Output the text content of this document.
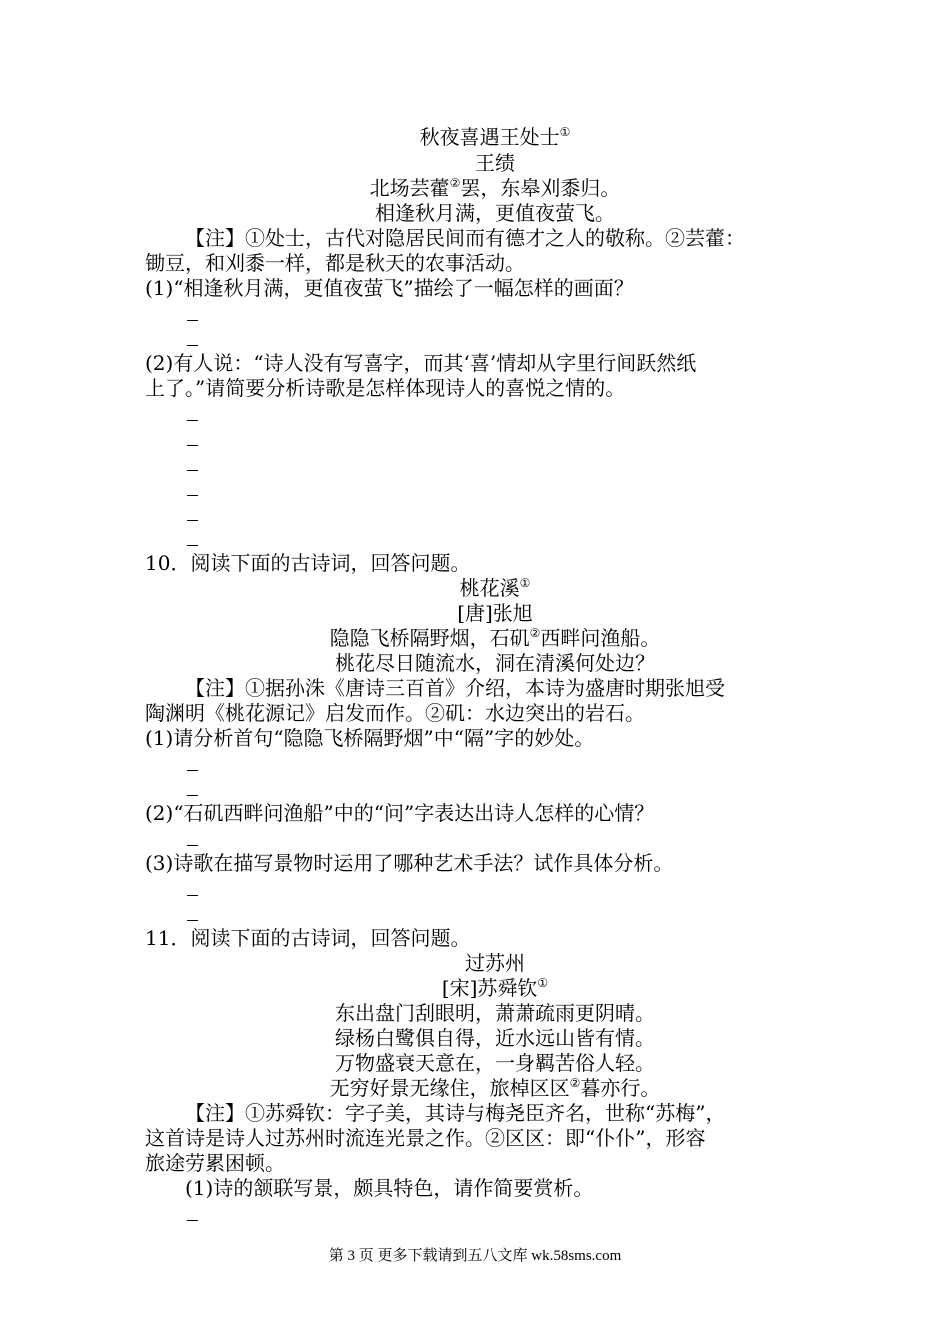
秋夜喜遇王处士①

王绩

北场芸藿②罢，东皋刈黍归。

相逢秋月满，更值夜萤飞。

【注】①处士，古代对隐居民间而有德才之人的敬称。②芸藿：

锄豆，和刈黍一样，都是秋天的农事活动。

(1)“相逢秋月满，更值夜萤飞”描绘了一幅怎样的画面？

(2)有人说：“诗人没有写喜字，而其‘喜’情却从字里行间跃然纸

上了。”请简要分析诗歌是怎样体现诗人的喜悦之情的。

10．阅读下面的古诗词，回答问题。

桃花溪①

[唐]张旭

隐隐飞桥隔野烟，石矶②西畔问渔船。

桃花尽日随流水，洞在清溪何处边？

【注】①据孙洙《唐诗三百首》介绍，本诗为盛唐时期张旭受

陶渊明《桃花源记》启发而作。②矶：水边突出的岩石。

(1)请分析首句“隐隐飞桥隔野烟”中“隔”字的妙处。

(2)“石矶西畔问渔船”中的“问”字表达出诗人怎样的心情？

(3)诗歌在描写景物时运用了哪种艺术手法？试作具体分析。

11．阅读下面的古诗词，回答问题。

过苏州

[宋]苏舜钦①

东出盘门刮眼明，萧萧疏雨更阴晴。

绿杨白鹭俱自得，近水远山皆有情。

万物盛衰天意在，一身羁苦俗人轻。

无穷好景无缘住，旅棹区区②暮亦行。

【注】①苏舜钦：字子美，其诗与梅尧臣齐名，世称“苏梅”，

这首诗是诗人过苏州时流连光景之作。②区区：即“仆仆”，形容

旅途劳累困顿。

(1)诗的颔联写景，颇具特色，请作简要赏析。

第 3 页 更多下载请到五八文库 wk.58sms.com
